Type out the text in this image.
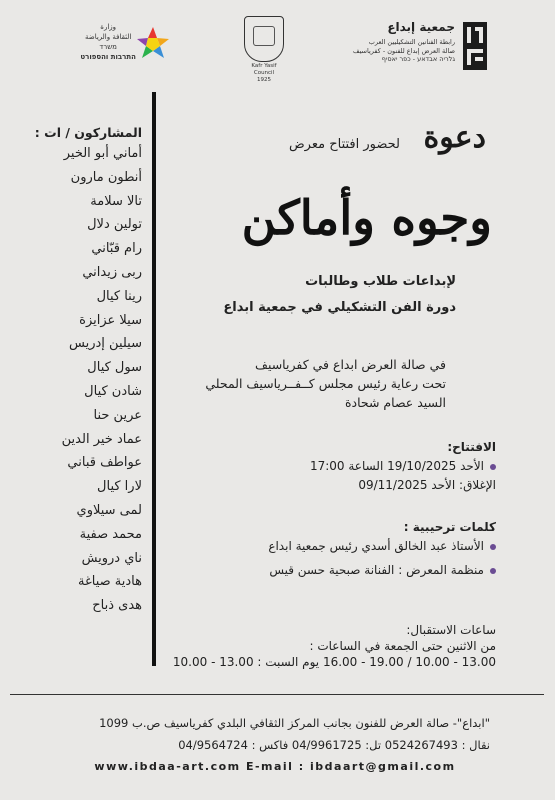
جمعية إبداع
رابطة الفنانين التشكيليين العرب
صالة العرض إبداع للفنون - كفرياسيف
גלריה אבדאע - כפר יאסיף
Kafr Yasif Council
1925
وزارة
الثقافة والرياضة
משרד
התרבות והספורט
المشاركون / ات :
أماني أبو الخير
أنطون مارون
تالا سلامة
تولين دلال
رام قبّاني
ربى زيداني
رينا كيال
سيلا عزايزة
سيلين إدريس
سول كيال
شادن كيال
عرين حنا
عماد خير الدين
عواطف قباني
لارا كيال
لمى سيلاوي
محمد صفية
ناي درويش
هادية صياغة
هدى ذباح
دعوة
لحضور افتتاح معرض
وجوه وأماكن
لإبداعات طلاب وطالبات
دورة الفن التشكيلي في جمعية ابداع
في صالة العرض ابداع في كفرياسيف
تحت رعاية رئيس مجلس كــفــرياسيف المحلي
السيد عصام شحادة
الافتتاح:
الأحد 19/10/2025 الساعة 17:00
الإغلاق: الأحد 09/11/2025
كلمات ترحيبية :
الأستاذ عبد الخالق أسدي رئيس جمعية ابداع
منظمة المعرض : الفنانة صبحية حسن قيس
ساعات الاستقبال:
من الاثنين حتى الجمعة في الساعات :
13.00 - 10.00 / 19.00 - 16.00 يوم السبت : 13.00 - 10.00
"ابداع"- صالة العرض للفنون بجانب المركز الثقافي البلدي كفرياسيف ص.ب 1099
نقال : 0524267493 تل: 04/9961725 فاكس : 04/9564724
www.ibdaa-art.com E-mail : ibdaart@gmail.com
